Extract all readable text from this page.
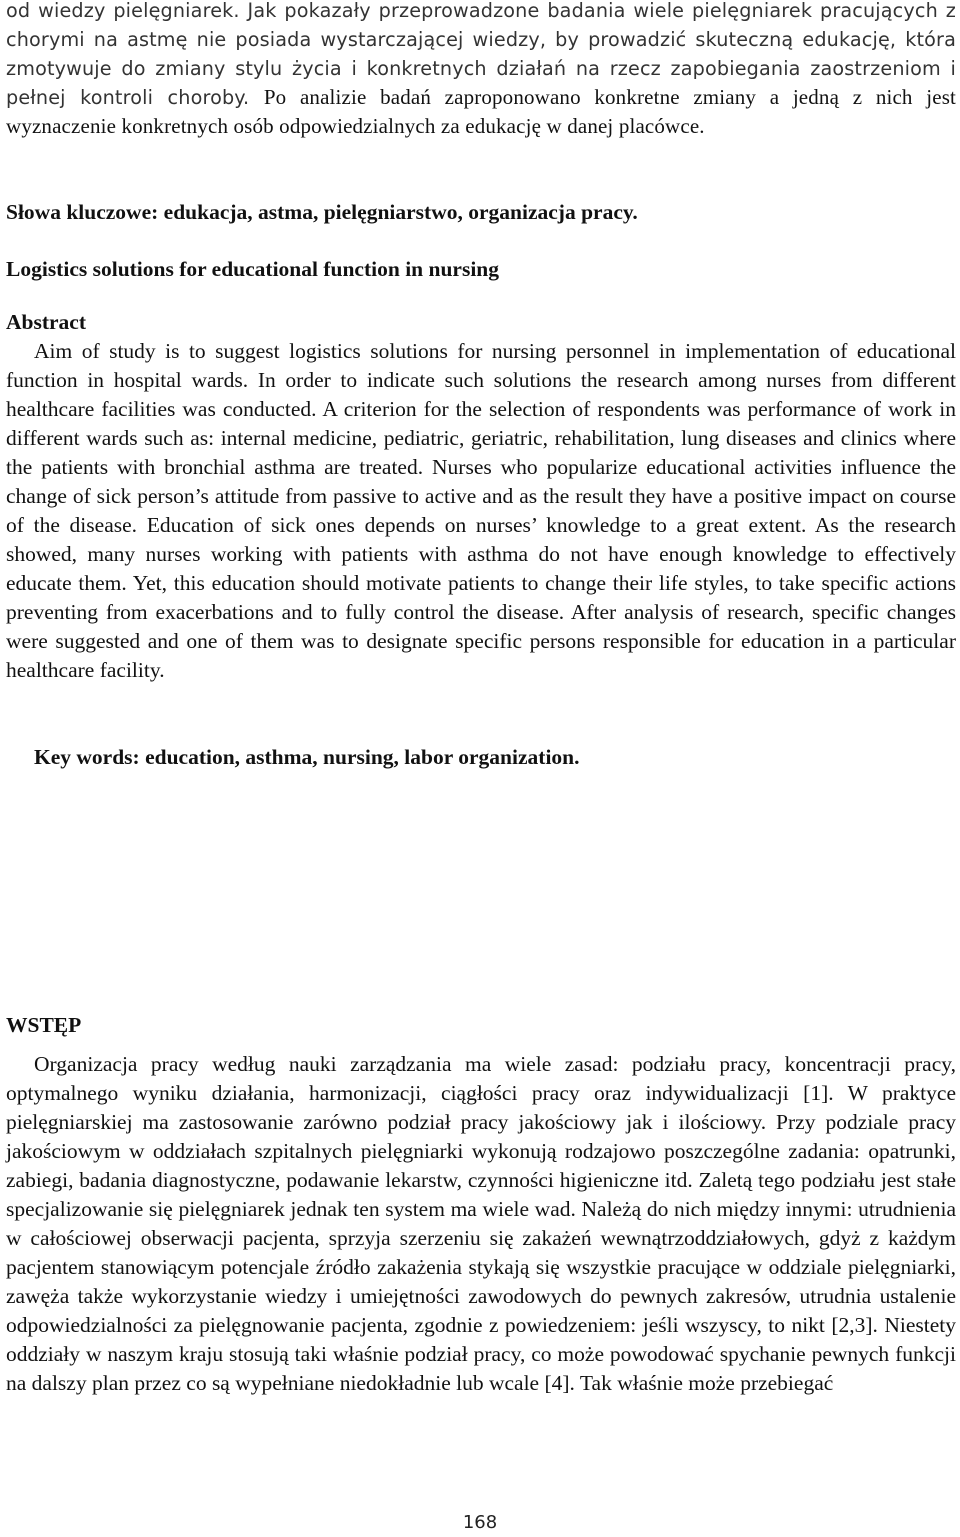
od wiedzy pielęgniarek. Jak pokazały przeprowadzone badania wiele pielęgniarek pracujących z chorymi na astmę nie posiada wystarczającej wiedzy, by prowadzić skuteczną edukację, która zmotywuje do zmiany stylu życia i konkretnych działań na rzecz zapobiegania zaostrzeniom i pełnej kontroli choroby. Po analizie badań zaproponowano konkretne zmiany a jedną z nich jest wyznaczenie konkretnych osób odpowiedzialnych za edukację w danej placówce.

Słowa kluczowe: edukacja, astma, pielęgniarstwo, organizacja pracy.
Logistics solutions for educational function in nursing
Abstract

Aim of study is to suggest logistics solutions for nursing personnel in implementation of educational function in hospital wards. In order to indicate such solutions the research among nurses from different healthcare facilities was conducted. A criterion for the selection of respondents was performance of work in different wards such as: internal medicine, pediatric, geriatric, rehabilitation, lung diseases and clinics where the patients with bronchial asthma are treated. Nurses who popularize educational activities influence the change of sick person’s attitude from passive to active and as the result they have a positive impact on course of the disease. Education of sick ones depends on nurses’ knowledge to a great extent. As the research showed, many nurses working with patients with asthma do not have enough knowledge to effectively educate them. Yet, this education should motivate patients to change their life styles, to take specific actions preventing from exacerbations and to fully control the disease. After analysis of research, specific changes were suggested and one of them was to designate specific persons responsible for education in a particular healthcare facility.

Key words: education, asthma, nursing, labor organization.
WSTĘP

Organizacja pracy według nauki zarządzania ma wiele zasad: podziału pracy, koncentracji pracy, optymalnego wyniku działania, harmonizacji, ciągłości pracy oraz indywidualizacji [1]. W praktyce pielęgniarskiej ma zastosowanie zarówno podział pracy jakościowy jak i ilościowy. Przy podziale pracy jakościowym w oddziałach szpitalnych pielęgniarki wykonują rodzajowo poszczególne zadania: opatrunki, zabiegi, badania diagnostyczne, podawanie lekarstw, czynności higieniczne itd. Zaletą tego podziału jest stałe specjalizowanie się pielęgniarek jednak ten system ma wiele wad. Należą do nich między innymi: utrudnienia w całościowej obserwacji pacjenta, sprzyja szerzeniu się zakażeń wewnątrzoddziałowych, gdyż z każdym pacjentem stanowiącym potencjale źródło zakażenia stykają się wszystkie pracujące w oddziale pielęgniarki, zawęża także wykorzystanie wiedzy i umiejętności zawodowych do pewnych zakresów, utrudnia ustalenie odpowiedzialności za pielęgnowanie pacjenta, zgodnie z powiedzeniem: jeśli wszyscy, to nikt [2,3]. Niestety oddziały w naszym kraju stosują taki właśnie podział pracy, co może powodować spychanie pewnych funkcji na dalszy plan przez co są wypełniane niedokładnie lub wcale [4]. Tak właśnie może przebiegać

168
